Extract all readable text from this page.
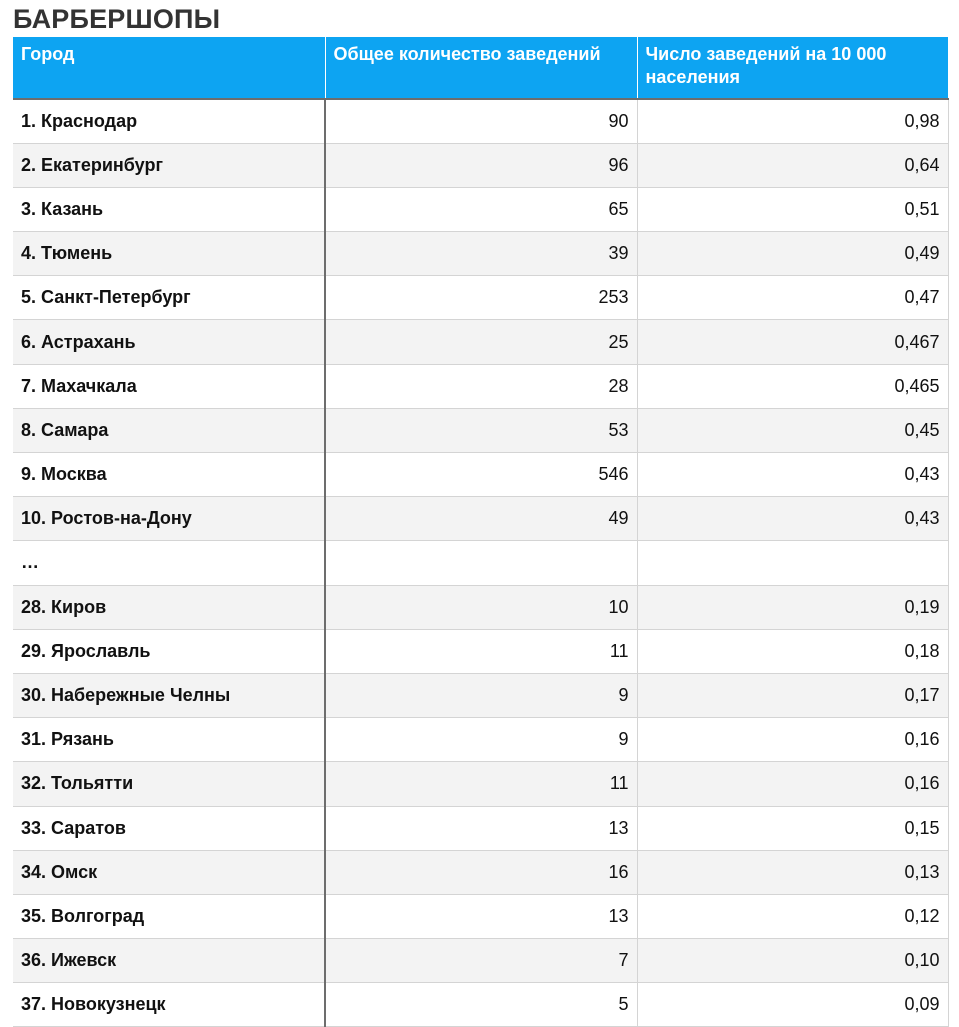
БАРБЕРШОПЫ
Город	Общее количество заведений	Число заведений на 10 000 населения
1. Краснодар	90	0,98
2. Екатеринбург	96	0,64
3. Казань	65	0,51
4. Тюмень	39	0,49
5. Санкт-Петербург	253	0,47
6. Астрахань	25	0,467
7. Махачкала	28	0,465
8. Самара	53	0,45
9. Москва	546	0,43
10. Ростов-на-Дону	49	0,43
…		
28. Киров	10	0,19
29. Ярославль	11	0,18
30. Набережные Челны	9	0,17
31. Рязань	9	0,16
32. Тольятти	11	0,16
33. Саратов	13	0,15
34. Омск	16	0,13
35. Волгоград	13	0,12
36. Ижевск	7	0,10
37. Новокузнецк	5	0,09
